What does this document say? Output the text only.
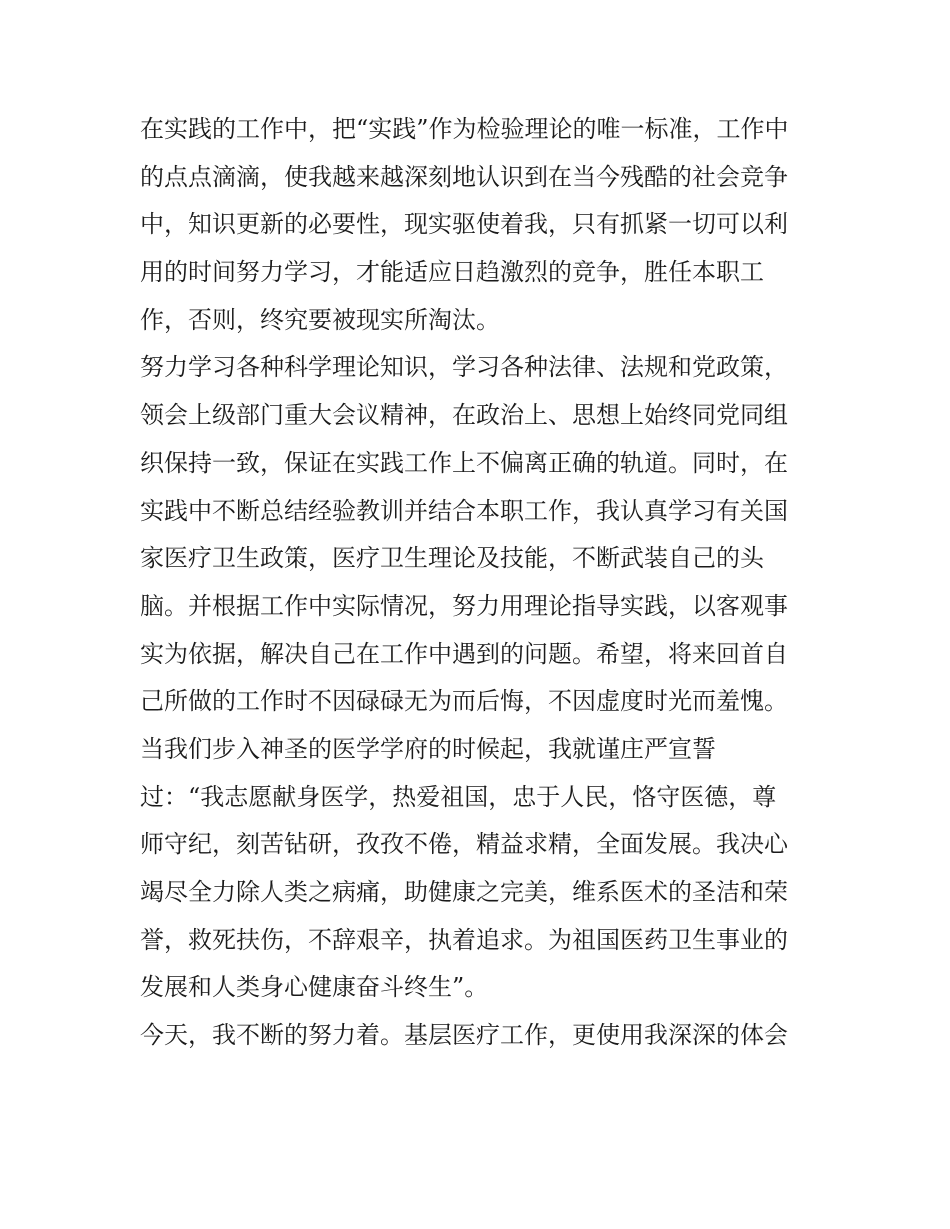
在实践的工作中，把“实践”作为检验理论的唯一标准，工作中
的点点滴滴，使我越来越深刻地认识到在当今残酷的社会竞争
中，知识更新的必要性，现实驱使着我，只有抓紧一切可以利
用的时间努力学习，才能适应日趋激烈的竞争，胜任本职工
作，否则，终究要被现实所淘汰。
努力学习各种科学理论知识，学习各种法律、法规和党政策，
领会上级部门重大会议精神，在政治上、思想上始终同党同组
织保持一致，保证在实践工作上不偏离正确的轨道。同时，在
实践中不断总结经验教训并结合本职工作，我认真学习有关国
家医疗卫生政策，医疗卫生理论及技能，不断武装自己的头
脑。并根据工作中实际情况，努力用理论指导实践，以客观事
实为依据，解决自己在工作中遇到的问题。希望，将来回首自
己所做的工作时不因碌碌无为而后悔，不因虚度时光而羞愧。
当我们步入神圣的医学学府的时候起，我就谨庄严宣誓
过：“我志愿献身医学，热爱祖国，忠于人民，恪守医德，尊
师守纪，刻苦钻研，孜孜不倦，精益求精，全面发展。我决心
竭尽全力除人类之病痛，助健康之完美，维系医术的圣洁和荣
誉，救死扶伤，不辞艰辛，执着追求。为祖国医药卫生事业的
发展和人类身心健康奋斗终生”。
今天，我不断的努力着。基层医疗工作，更使用我深深的体会
